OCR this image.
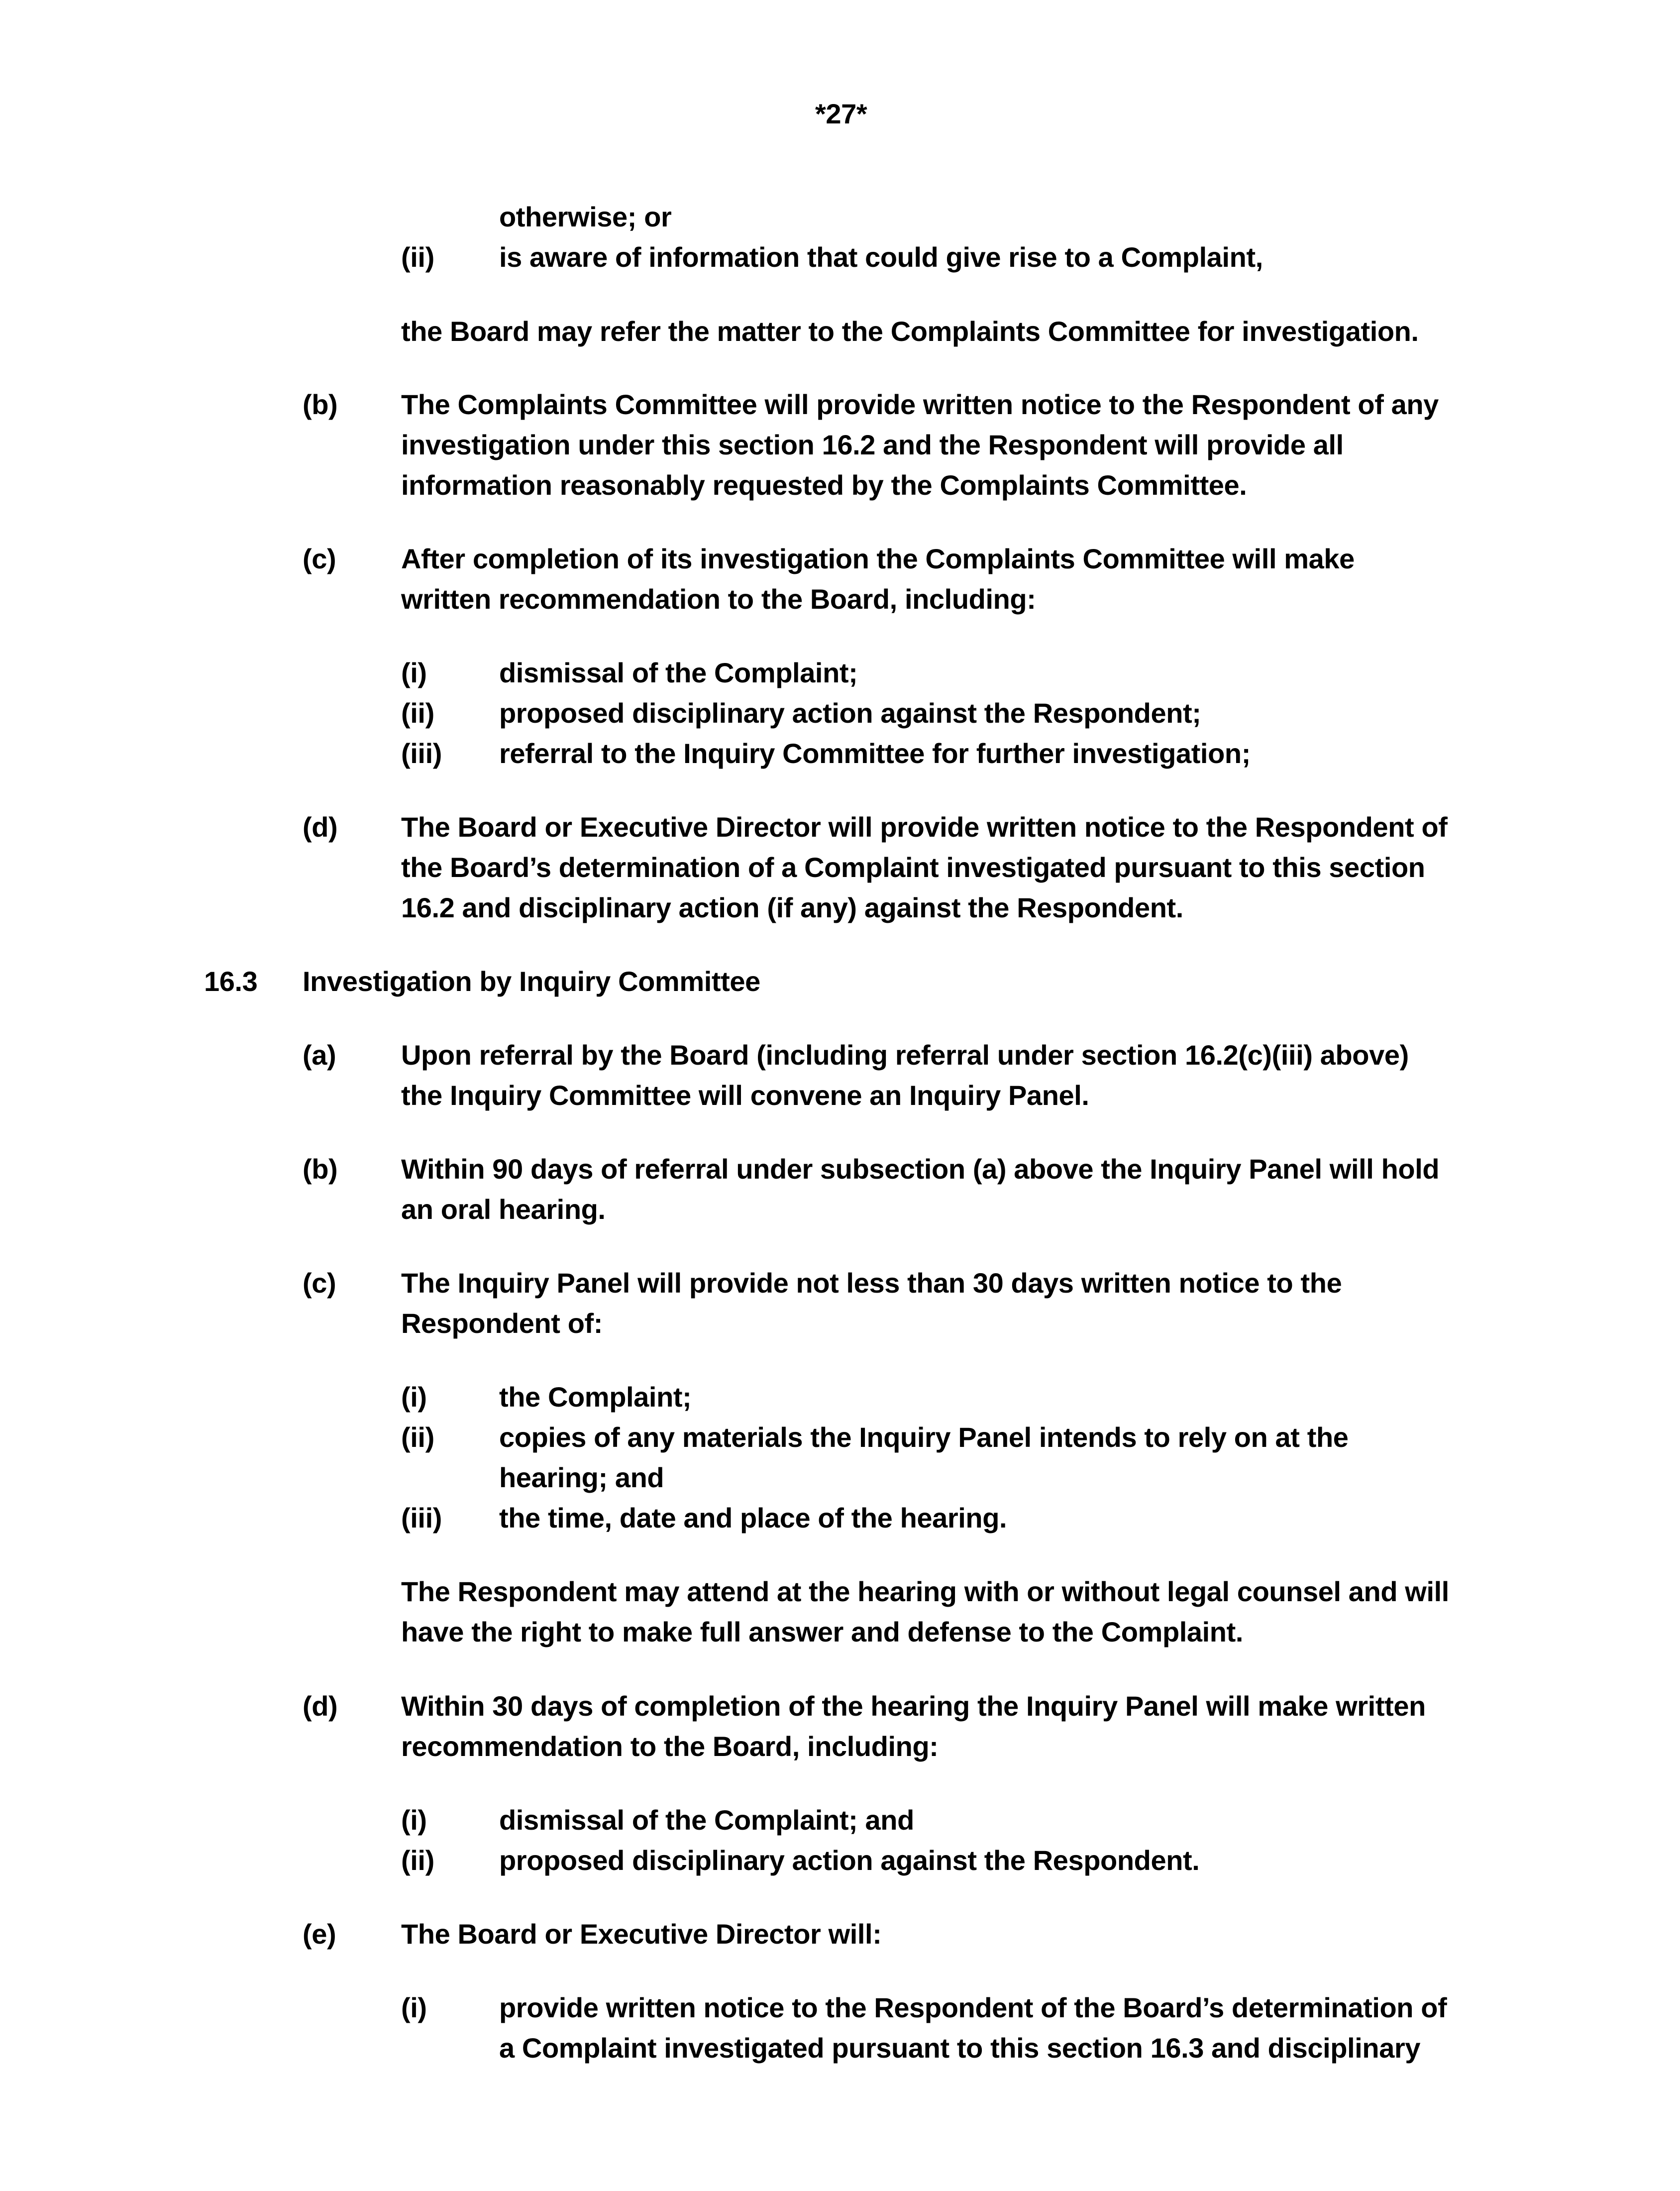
*27*
otherwise; or
(ii) is aware of information that could give rise to a Complaint,
the Board may refer the matter to the Complaints Committee for investigation.
(b) The Complaints Committee will provide written notice to the Respondent of any
investigation under this section 16.2 and the Respondent will provide all
information reasonably requested by the Complaints Committee.
(c) After completion of its investigation the Complaints Committee will make
written recommendation to the Board, including:
(i)	dismissal of the Complaint;
(ii) proposed disciplinary action against the Respondent;
(iii) referral to the Inquiry Committee for further investigation;
(d) The Board or Executive Director will provide written notice to the Respondent of
the Board’s determination of a Complaint investigated pursuant to this section
16.2 and disciplinary action (if any) against the Respondent.
16.3 Investigation by Inquiry Committee
(a) Upon referral by the Board (including referral under section 16.2(c)(iii) above)
the Inquiry Committee will convene an Inquiry Panel.
(b) Within 90 days of referral under subsection (a) above the Inquiry Panel will hold
an oral hearing.
(c) The Inquiry Panel will provide not less than 30 days written notice to the
Respondent of:
(i)	the Complaint;
(ii) copies of any materials the Inquiry Panel intends to rely on at the
hearing; and
(iii) the time, date and place of the hearing.
The Respondent may attend at the hearing with or without legal counsel and will
have the right to make full answer and defense to the Complaint.
(d) Within 30 days of completion of the hearing the Inquiry Panel will make written
recommendation to the Board, including:
(i)	dismissal of the Complaint; and
(ii) proposed disciplinary action against the Respondent.
(e) The Board or Executive Director will:
(i)	provide written notice to the Respondent of the Board’s determination of
a Complaint investigated pursuant to this section 16.3 and disciplinary
